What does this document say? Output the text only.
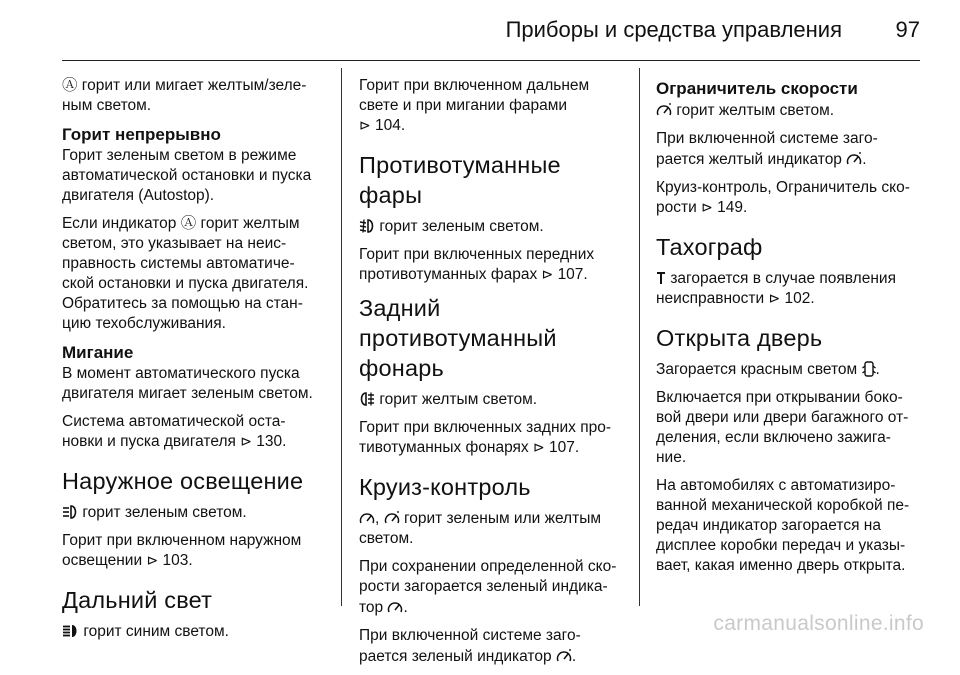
Приборы и средства управления 97

Ⓐ горит или мигает желтым/зеле-ным светом.

Горит непрерывно

Горит зеленым светом в режиме автоматической остановки и пуска двигателя (Autostop).

Если индикатор Ⓐ горит желтым светом, это указывает на неис-правность системы автоматиче-ской остановки и пуска двигателя. Обратитесь за помощью на стан-цию техобслуживания.

Мигание

В момент автоматического пуска двигателя мигает зеленым светом.

Система автоматической оста-новки и пуска двигателя ⊳ 130.

Наружное освещение

горит зеленым светом.

Горит при включенном наружном освещении ⊳ 103.

Дальний свет

горит синим светом.

Горит при включенном дальнем свете и при мигании фарами
⊳ 104.

Противотуманные фары

горит зеленым светом.

Горит при включенных передних противотуманных фарах ⊳ 107.

Задний противотуманный фонарь

горит желтым светом.

Горит при включенных задних про-тивотуманных фонарях ⊳ 107.

Круиз-контроль

,  горит зеленым или желтым светом.

При сохранении определенной ско-рости загорается зеленый индика-тор .

При включенной системе заго-рается зеленый индикатор .

Ограничитель скорости

горит желтым светом.

При включенной системе заго-рается желтый индикатор .

Круиз-контроль, Ограничитель ско-рости ⊳ 149.

Тахограф

загорается в случае появления неисправности ⊳ 102.

Открыта дверь

Загорается красным светом .

Включается при открывании боко-вой двери или двери багажного от-деления, если включено зажига-ние.

На автомобилях с автоматизиро-ванной механической коробкой пе-редач индикатор загорается на дисплее коробки передач и указы-вает, какая именно дверь открыта.

carmanualsonline.info
